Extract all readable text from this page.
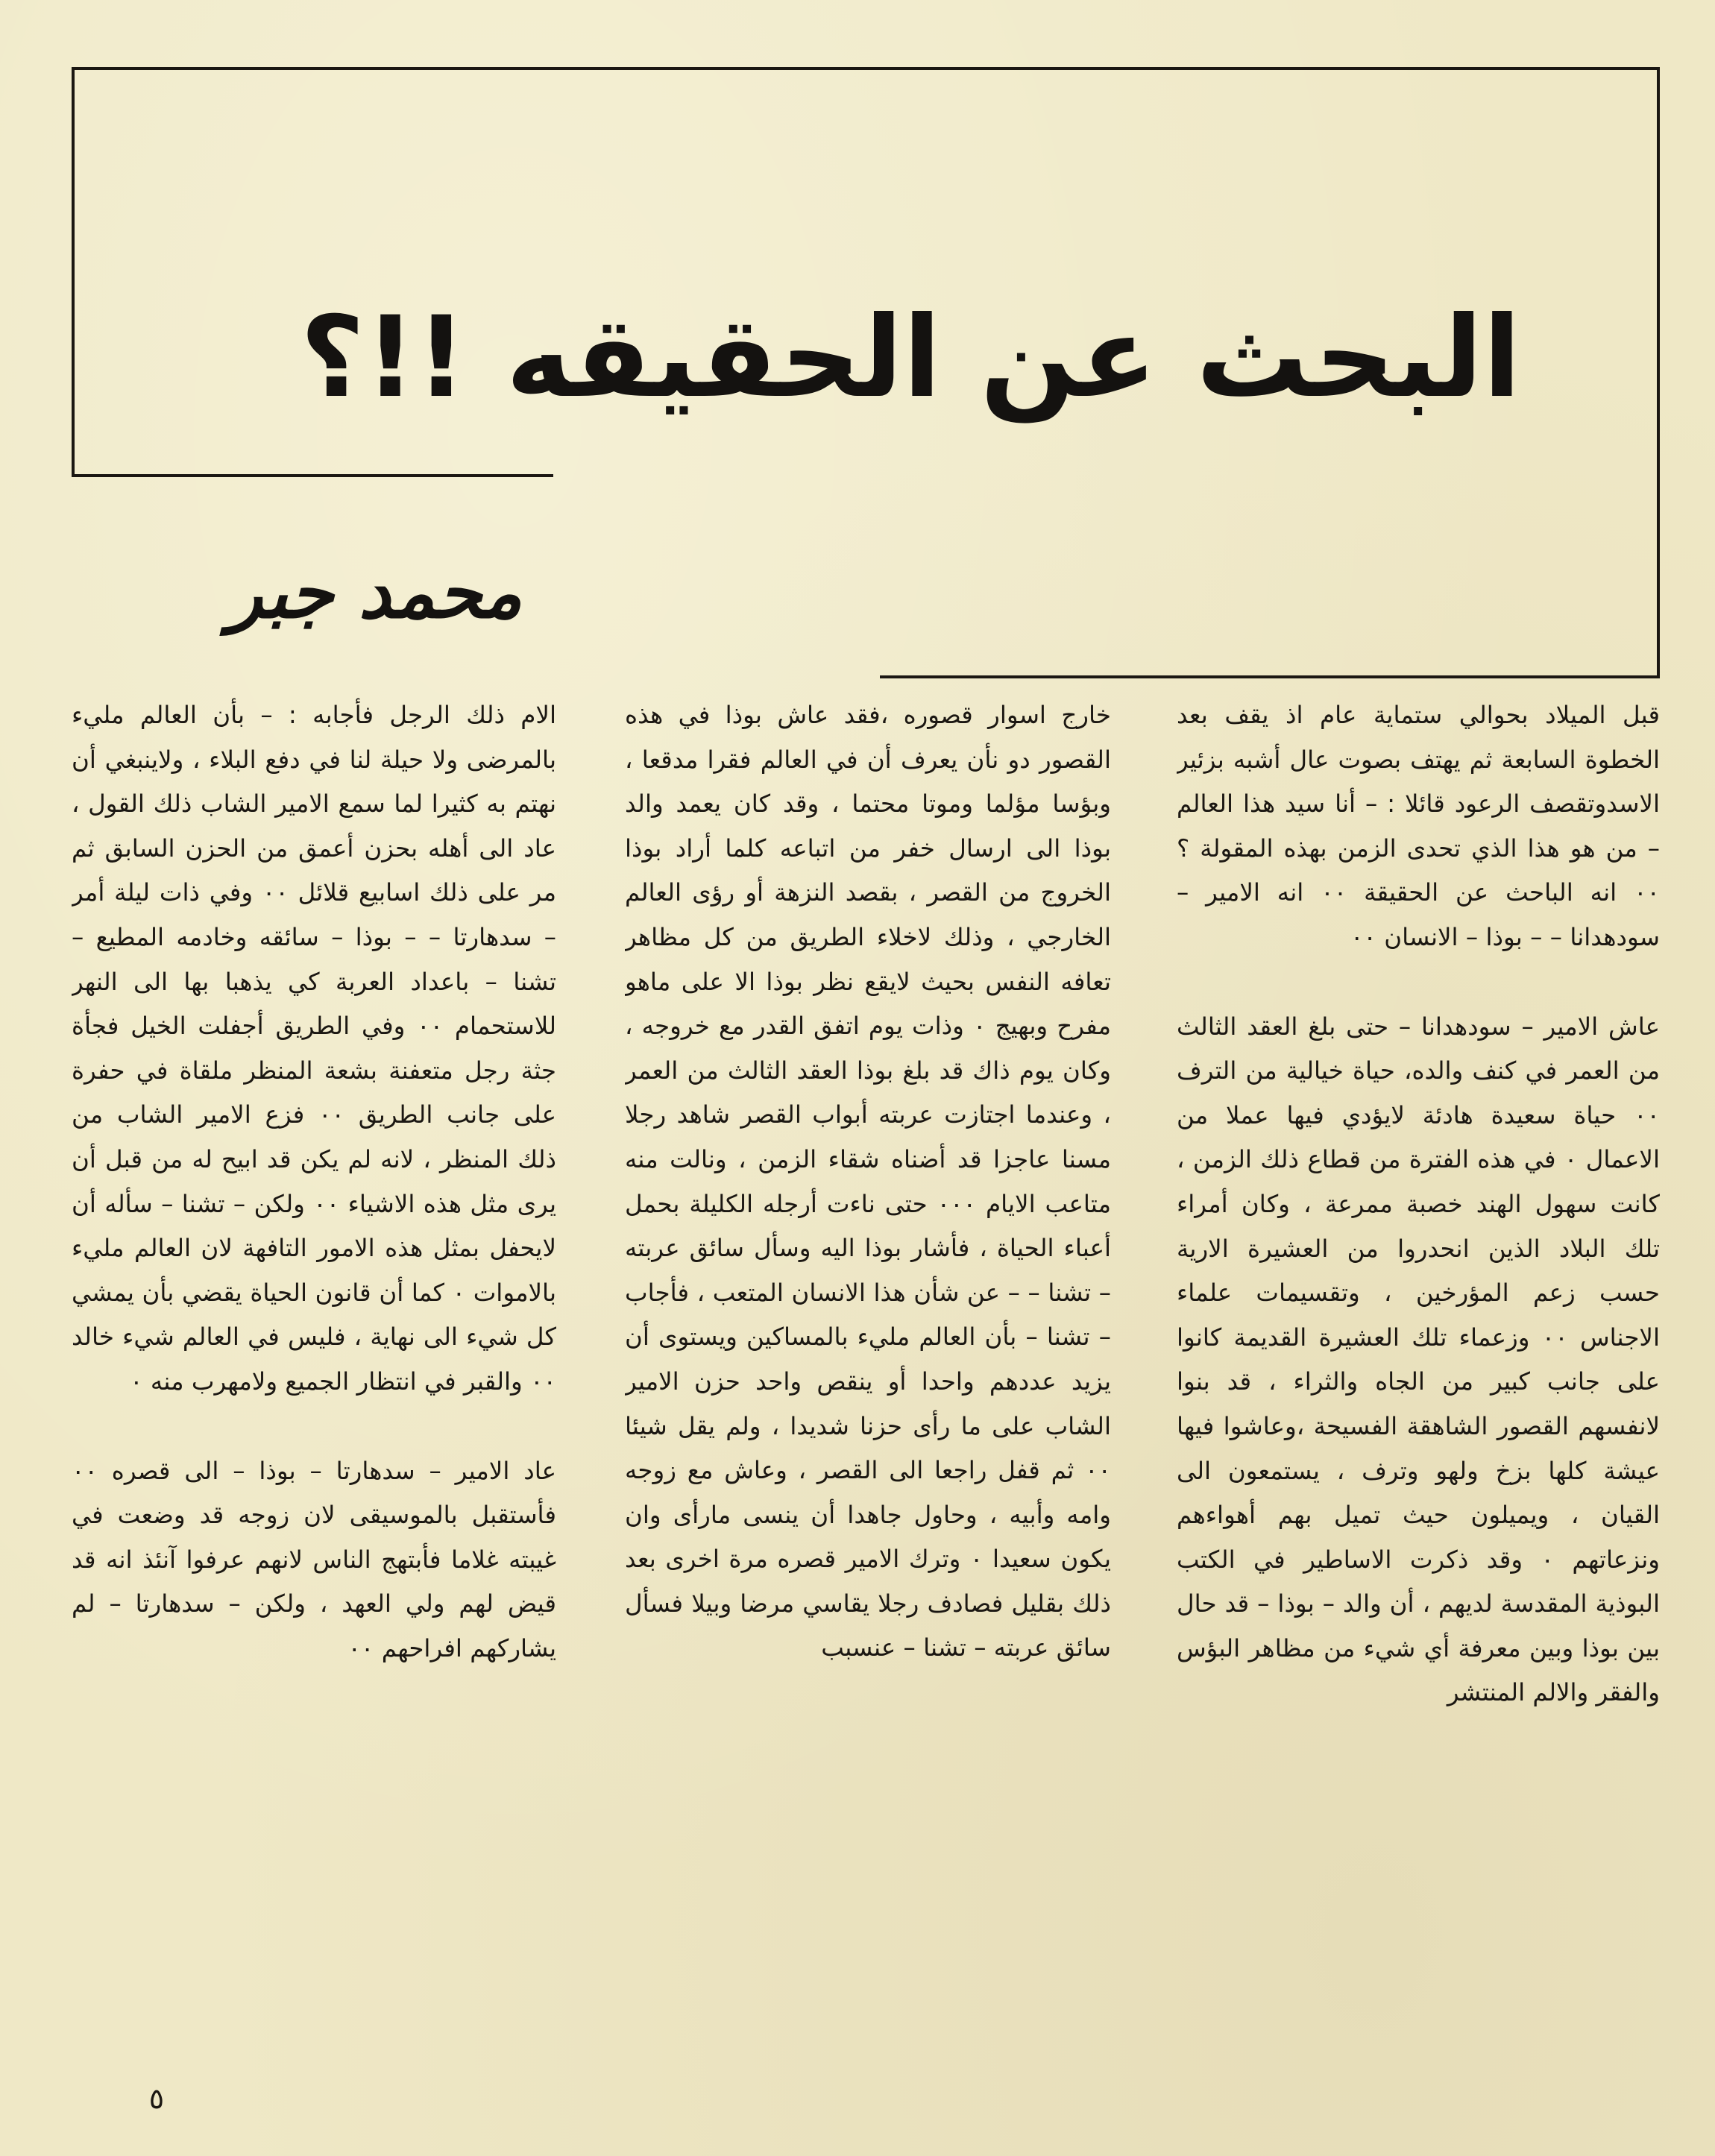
البحث عن الحقيقه !!؟
محمد جبر

قبل الميلاد بحوالي ستماية عام اذ يقف بعد الخطوة السابعة ثم يهتف بصوت عال أشبه بزئير الاسدوتقصف الرعود قائلا : – أنا سيد هذا العالم – من هو هذا الذي تحدى الزمن بهذه المقولة ؟ ٠٠ انه الباحث عن الحقيقة ٠٠ انه الامير – سودهدانا – – بوذا – الانسان ٠٠

عاش الامير – سودهدانا – حتى بلغ العقد الثالث من العمر في كنف والده، حياة خيالية من الترف ٠٠ حياة سعيدة هادئة لايؤدي فيها عملا من الاعمال ٠ في هذه الفترة من قطاع ذلك الزمن ، كانت سهول الهند خصبة ممرعة ، وكان أمراء تلك البلاد الذين انحدروا من العشيرة الارية حسب زعم المؤرخين ، وتقسيمات علماء الاجناس ٠٠ وزعماء تلك العشيرة القديمة كانوا على جانب كبير من الجاه والثراء ، قد بنوا لانفسهم القصور الشاهقة الفسيحة ،وعاشوا فيها عيشة كلها بزخ ولهو وترف ، يستمعون الى القيان ، ويميلون حيث تميل بهم أهواءهم ونزعاتهم ٠ وقد ذكرت الاساطير في الكتب البوذية المقدسة لديهم ، أن والد – بوذا – قد حال بين بوذا وبين معرفة أي شيء من مظاهر البؤس والفقر والالم المنتشر

خارج اسوار قصوره ،فقد عاش بوذا في هذه القصور دو نأن يعرف أن في العالم فقرا مدقعا ، وبؤسا مؤلما وموتا محتما ، وقد كان يعمد والد بوذا الى ارسال خفر من اتباعه كلما أراد بوذا الخروج من القصر ، بقصد النزهة أو رؤى العالم الخارجي ، وذلك لاخلاء الطريق من كل مظاهر تعافه النفس بحيث لايقع نظر بوذا الا على ماهو مفرح وبهيج ٠ وذات يوم اتفق القدر مع خروجه ، وكان يوم ذاك قد بلغ بوذا العقد الثالث من العمر ، وعندما اجتازت عربته أبواب القصر شاهد رجلا مسنا عاجزا قد أضناه شقاء الزمن ، ونالت منه متاعب الايام ٠٠٠ حتى ناءت أرجله الكليلة بحمل أعباء الحياة ، فأشار بوذا اليه وسأل سائق عربته – تشنا – – عن شأن هذا الانسان المتعب ، فأجاب – تشنا – بأن العالم مليء بالمساكين ويستوى أن يزيد عددهم واحدا أو ينقص واحد حزن الامير الشاب على ما رأى حزنا شديدا ، ولم يقل شيئا ٠٠ ثم قفل راجعا الى القصر ، وعاش مع زوجه وامه وأبيه ، وحاول جاهدا أن ينسى مارأى وان يكون سعيدا ٠ وترك الامير قصره مرة اخرى بعد ذلك بقليل فصادف رجلا يقاسي مرضا وبيلا فسأل سائق عربته – تشنا – عنسبب

الام ذلك الرجل فأجابه : – بأن العالم مليء بالمرضى ولا حيلة لنا في دفع البلاء ، ولاينبغي أن نهتم به كثيرا لما سمع الامير الشاب ذلك القول ، عاد الى أهله بحزن أعمق من الحزن السابق ثم مر على ذلك اسابيع قلائل ٠٠ وفي ذات ليلة أمر – سدهارتا – – بوذا – سائقه وخادمه المطيع – تشنا – باعداد العربة كي يذهبا بها الى النهر للاستحمام ٠٠ وفي الطريق أجفلت الخيل فجأة جثة رجل متعفنة بشعة المنظر ملقاة في حفرة على جانب الطريق ٠٠ فزع الامير الشاب من ذلك المنظر ، لانه لم يكن قد ابيح له من قبل أن يرى مثل هذه الاشياء ٠٠ ولكن – تشنا – سأله أن لايحفل بمثل هذه الامور التافهة لان العالم مليء بالاموات ٠ كما أن قانون الحياة يقضي بأن يمشي كل شيء الى نهاية ، فليس في العالم شيء خالد ٠٠ والقبر في انتظار الجميع ولامهرب منه ٠

عاد الامير – سدهارتا – بوذا – الى قصره ٠٠ فأستقبل بالموسيقى لان زوجه قد وضعت في غيبته غلاما فأبتهج الناس لانهم عرفوا آنئذ انه قد قيض لهم ولي العهد ، ولكن – سدهارتا – لم يشاركهم افراحهم ٠٠

٥
